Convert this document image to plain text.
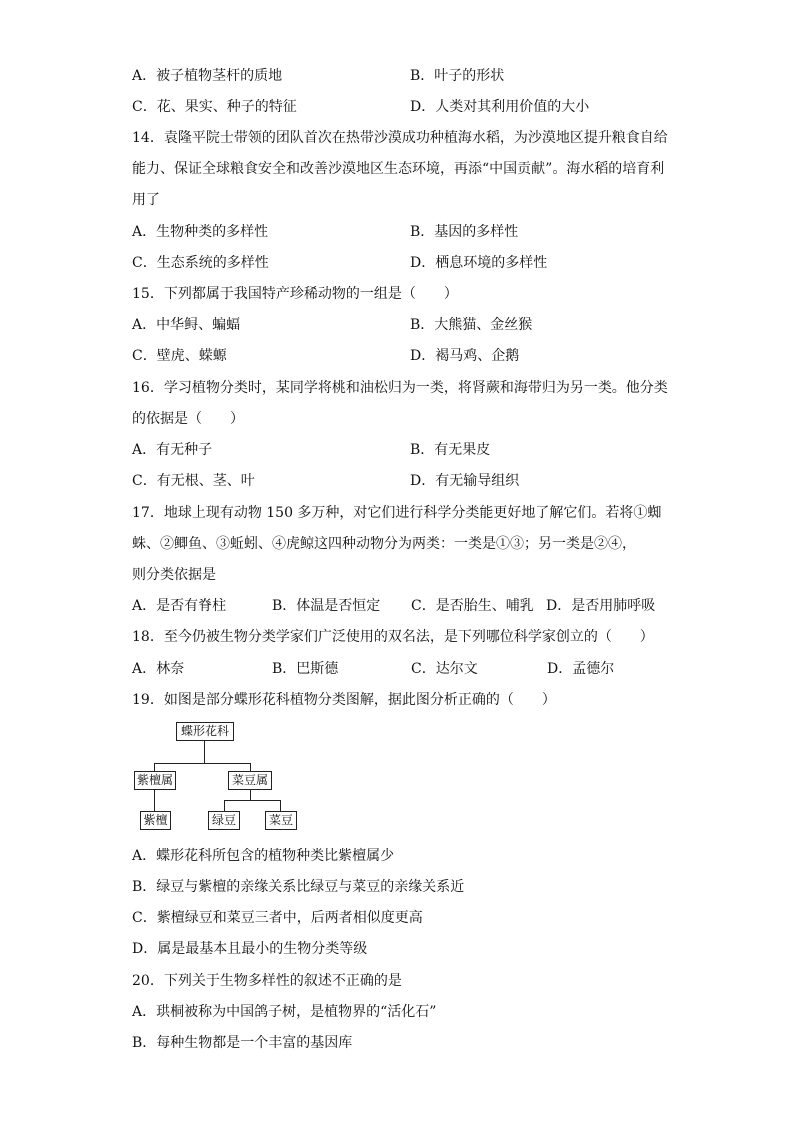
A．被子植物茎杆的质地	B．叶子的形状
C．花、果实、种子的特征	D．人类对其利用价值的大小
14．袁隆平院士带领的团队首次在热带沙漠成功种植海水稻，为沙漠地区提升粮食自给
能力、保证全球粮食安全和改善沙漠地区生态环境，再添“中国贡献”。海水稻的培育利
用了
A．生物种类的多样性	B．基因的多样性
C．生态系统的多样性	D．栖息环境的多样性
15．下列都属于我国特产珍稀动物的一组是（　　）
A．中华鲟、蝙蝠	B．大熊猫、金丝猴
C．壁虎、蝾螈	D．褐马鸡、企鹅
16．学习植物分类时，某同学将桃和油松归为一类，将肾蕨和海带归为另一类。他分类
的依据是（　　）
A．有无种子	B．有无果皮
C．有无根、茎、叶	D．有无输导组织
17．地球上现有动物 150 多万种，对它们进行科学分类能更好地了解它们。若将①蜘
蛛、②鲫鱼、③蚯蚓、④虎鲸这四种动物分为两类：一类是①③；另一类是②④，
则分类依据是
A．是否有脊柱	B．体温是否恒定 C．是否胎生、哺乳 D．是否用肺呼吸
18．至今仍被生物分类学家们广泛使用的双名法，是下列哪位科学家创立的（　　）
A．林奈	B．巴斯德	C．达尔文	D．孟德尔
19．如图是部分蝶形花科植物分类图解，据此图分析正确的（　　）
蝶形花科
紫檀属	菜豆属
紫檀	绿豆	菜豆
A．蝶形花科所包含的植物种类比紫檀属少
B．绿豆与紫檀的亲缘关系比绿豆与菜豆的亲缘关系近
C．紫檀绿豆和菜豆三者中，后两者相似度更高
D．属是最基本且最小的生物分类等级
20．下列关于生物多样性的叙述不正确的是
A．珙桐被称为中国鸽子树，是植物界的“活化石”
B．每种生物都是一个丰富的基因库
